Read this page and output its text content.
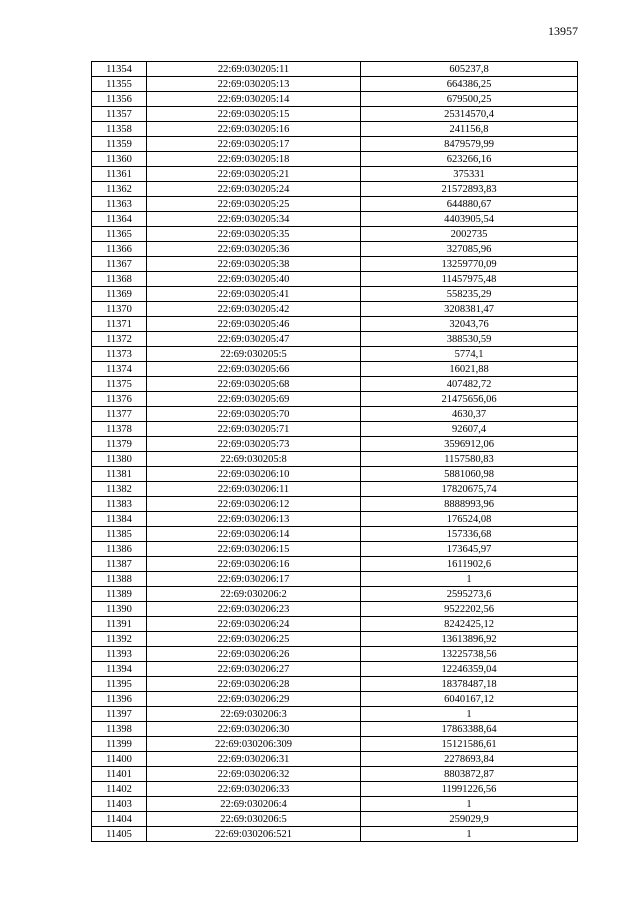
13957
11354	22:69:030205:11	605237,8
11355	22:69:030205:13	664386,25
11356	22:69:030205:14	679500,25
11357	22:69:030205:15	25314570,4
11358	22:69:030205:16	241156,8
11359	22:69:030205:17	8479579,99
11360	22:69:030205:18	623266,16
11361	22:69:030205:21	375331
11362	22:69:030205:24	21572893,83
11363	22:69:030205:25	644880,67
11364	22:69:030205:34	4403905,54
11365	22:69:030205:35	2002735
11366	22:69:030205:36	327085,96
11367	22:69:030205:38	13259770,09
11368	22:69:030205:40	11457975,48
11369	22:69:030205:41	558235,29
11370	22:69:030205:42	3208381,47
11371	22:69:030205:46	32043,76
11372	22:69:030205:47	388530,59
11373	22:69:030205:5	5774,1
11374	22:69:030205:66	16021,88
11375	22:69:030205:68	407482,72
11376	22:69:030205:69	21475656,06
11377	22:69:030205:70	4630,37
11378	22:69:030205:71	92607,4
11379	22:69:030205:73	3596912,06
11380	22:69:030205:8	1157580,83
11381	22:69:030206:10	5881060,98
11382	22:69:030206:11	17820675,74
11383	22:69:030206:12	8888993,96
11384	22:69:030206:13	176524,08
11385	22:69:030206:14	157336,68
11386	22:69:030206:15	173645,97
11387	22:69:030206:16	1611902,6
11388	22:69:030206:17	1
11389	22:69:030206:2	2595273,6
11390	22:69:030206:23	9522202,56
11391	22:69:030206:24	8242425,12
11392	22:69:030206:25	13613896,92
11393	22:69:030206:26	13225738,56
11394	22:69:030206:27	12246359,04
11395	22:69:030206:28	18378487,18
11396	22:69:030206:29	6040167,12
11397	22:69:030206:3	1
11398	22:69:030206:30	17863388,64
11399	22:69:030206:309	15121586,61
11400	22:69:030206:31	2278693,84
11401	22:69:030206:32	8803872,87
11402	22:69:030206:33	11991226,56
11403	22:69:030206:4	1
11404	22:69:030206:5	259029,9
11405	22:69:030206:521	1
